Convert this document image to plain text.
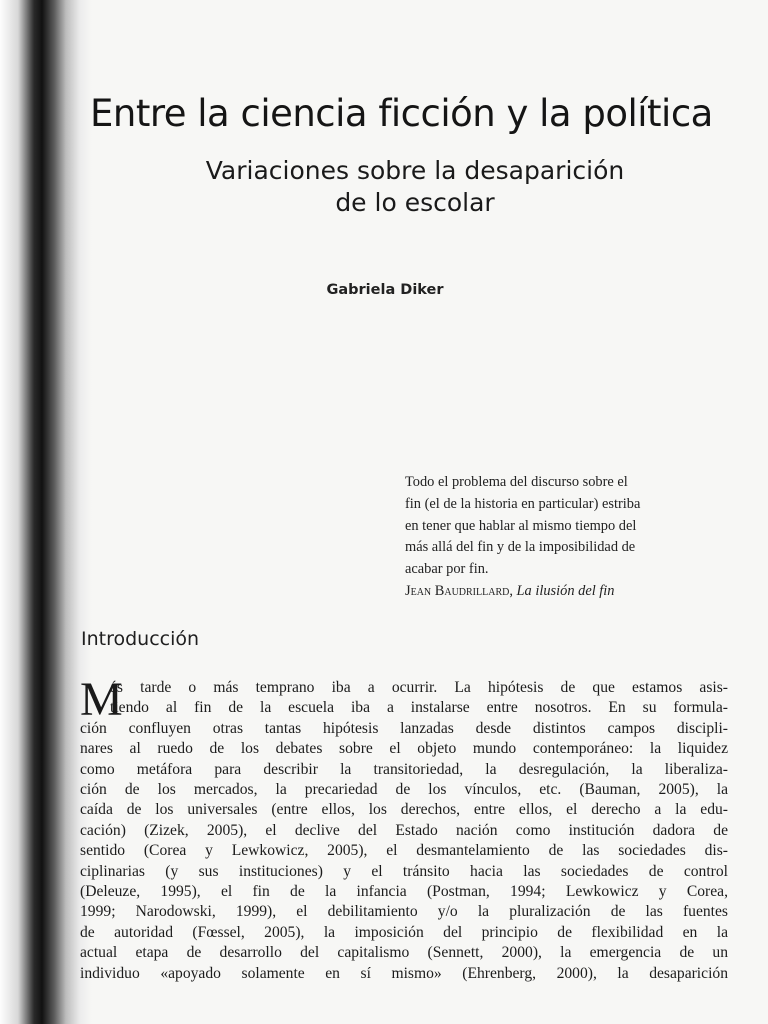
Entre la ciencia ficción y la política
Variaciones sobre la desaparición
de lo escolar
Gabriela Diker
Todo el problema del discurso sobre el
fin (el de la historia en particular) estriba
en tener que hablar al mismo tiempo del
más allá del fin y de la imposibilidad de
acabar por fin.
Jean Baudrillard, La ilusión del fin
Introducción
M
ás tarde o más temprano iba a ocurrir. La hipótesis de que estamos asis-
tiendo al fin de la escuela iba a instalarse entre nosotros. En su formula-
ción confluyen otras tantas hipótesis lanzadas desde distintos campos discipli-
nares al ruedo de los debates sobre el objeto mundo contemporáneo: la liquidez
como metáfora para describir la transitoriedad, la desregulación, la liberaliza-
ción de los mercados, la precariedad de los vínculos, etc. (Bauman, 2005), la
caída de los universales (entre ellos, los derechos, entre ellos, el derecho a la edu-
cación) (Zizek, 2005), el declive del Estado nación como institución dadora de
sentido (Corea y Lewkowicz, 2005), el desmantelamiento de las sociedades dis-
ciplinarias (y sus instituciones) y el tránsito hacia las sociedades de control
(Deleuze, 1995), el fin de la infancia (Postman, 1994; Lewkowicz y Corea,
1999; Narodowski, 1999), el debilitamiento y/o la pluralización de las fuentes
de autoridad (Fœssel, 2005), la imposición del principio de flexibilidad en la
actual etapa de desarrollo del capitalismo (Sennett, 2000), la emergencia de un
individuo «apoyado solamente en sí mismo» (Ehrenberg, 2000), la desaparición
